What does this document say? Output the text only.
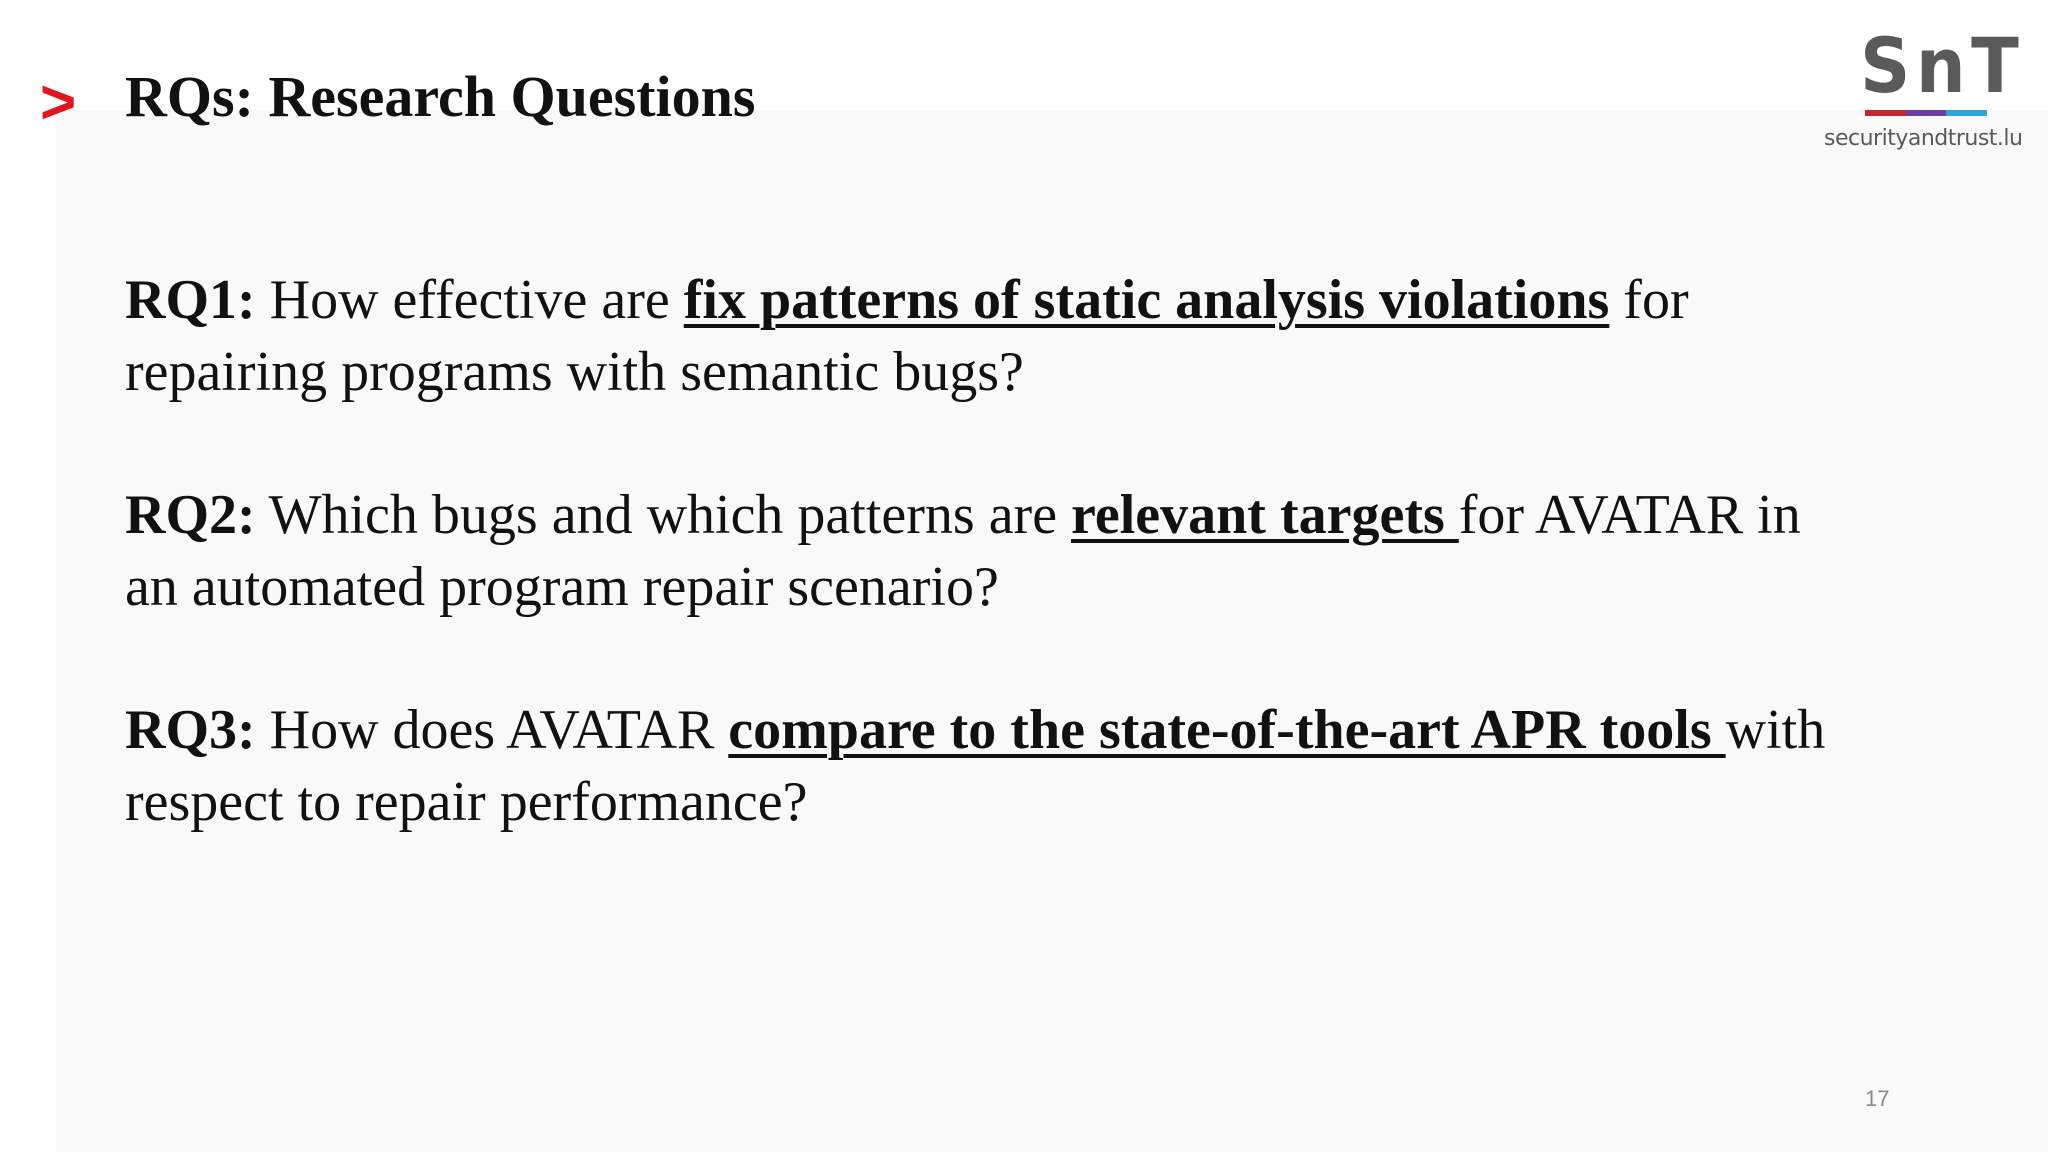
> RQs: Research Questions	SnT
securityandtrust.lu

RQ1: How effective are fix patterns of static analysis violations for repairing programs with semantic bugs?

RQ2: Which bugs and which patterns are relevant targets for AVATAR in an automated program repair scenario?

RQ3: How does AVATAR compare to the state-of-the-art APR tools with respect to repair performance?

17
